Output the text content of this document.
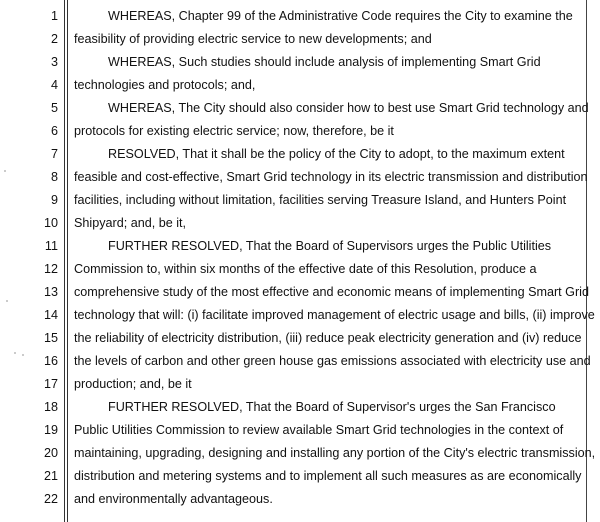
1	WHEREAS, Chapter 99 of the Administrative Code requires the City to examine the
2 feasibility of providing electric service to new developments; and
3	WHEREAS, Such studies should include analysis of implementing Smart Grid
4 technologies and protocols; and,
5	WHEREAS, The City should also consider how to best use Smart Grid technology and
6 protocols for existing electric service; now, therefore, be it
7	RESOLVED, That it shall be the policy of the City to adopt, to the maximum extent
8 feasible and cost-effective, Smart Grid technology in its electric transmission and distribution
9 facilities, including without limitation, facilities serving Treasure Island, and Hunters Point
10 Shipyard; and, be it,
11	FURTHER RESOLVED, That the Board of Supervisors urges the Public Utilities
12 Commission to, within six months of the effective date of this Resolution, produce a
13 comprehensive study of the most effective and economic means of implementing Smart Grid
14 technology that will: (i) facilitate improved management of electric usage and bills, (ii) improve
15 the reliability of electricity distribution, (iii) reduce peak electricity generation and (iv) reduce
16 the levels of carbon and other green house gas emissions associated with electricity use and
17 production; and, be it
18	FURTHER RESOLVED, That the Board of Supervisor's urges the San Francisco
19 Public Utilities Commission to review available Smart Grid technologies in the context of
20 maintaining, upgrading, designing and installing any portion of the City's electric transmission,
21 distribution and metering systems and to implement all such measures as are economically
22 and environmentally advantageous.
